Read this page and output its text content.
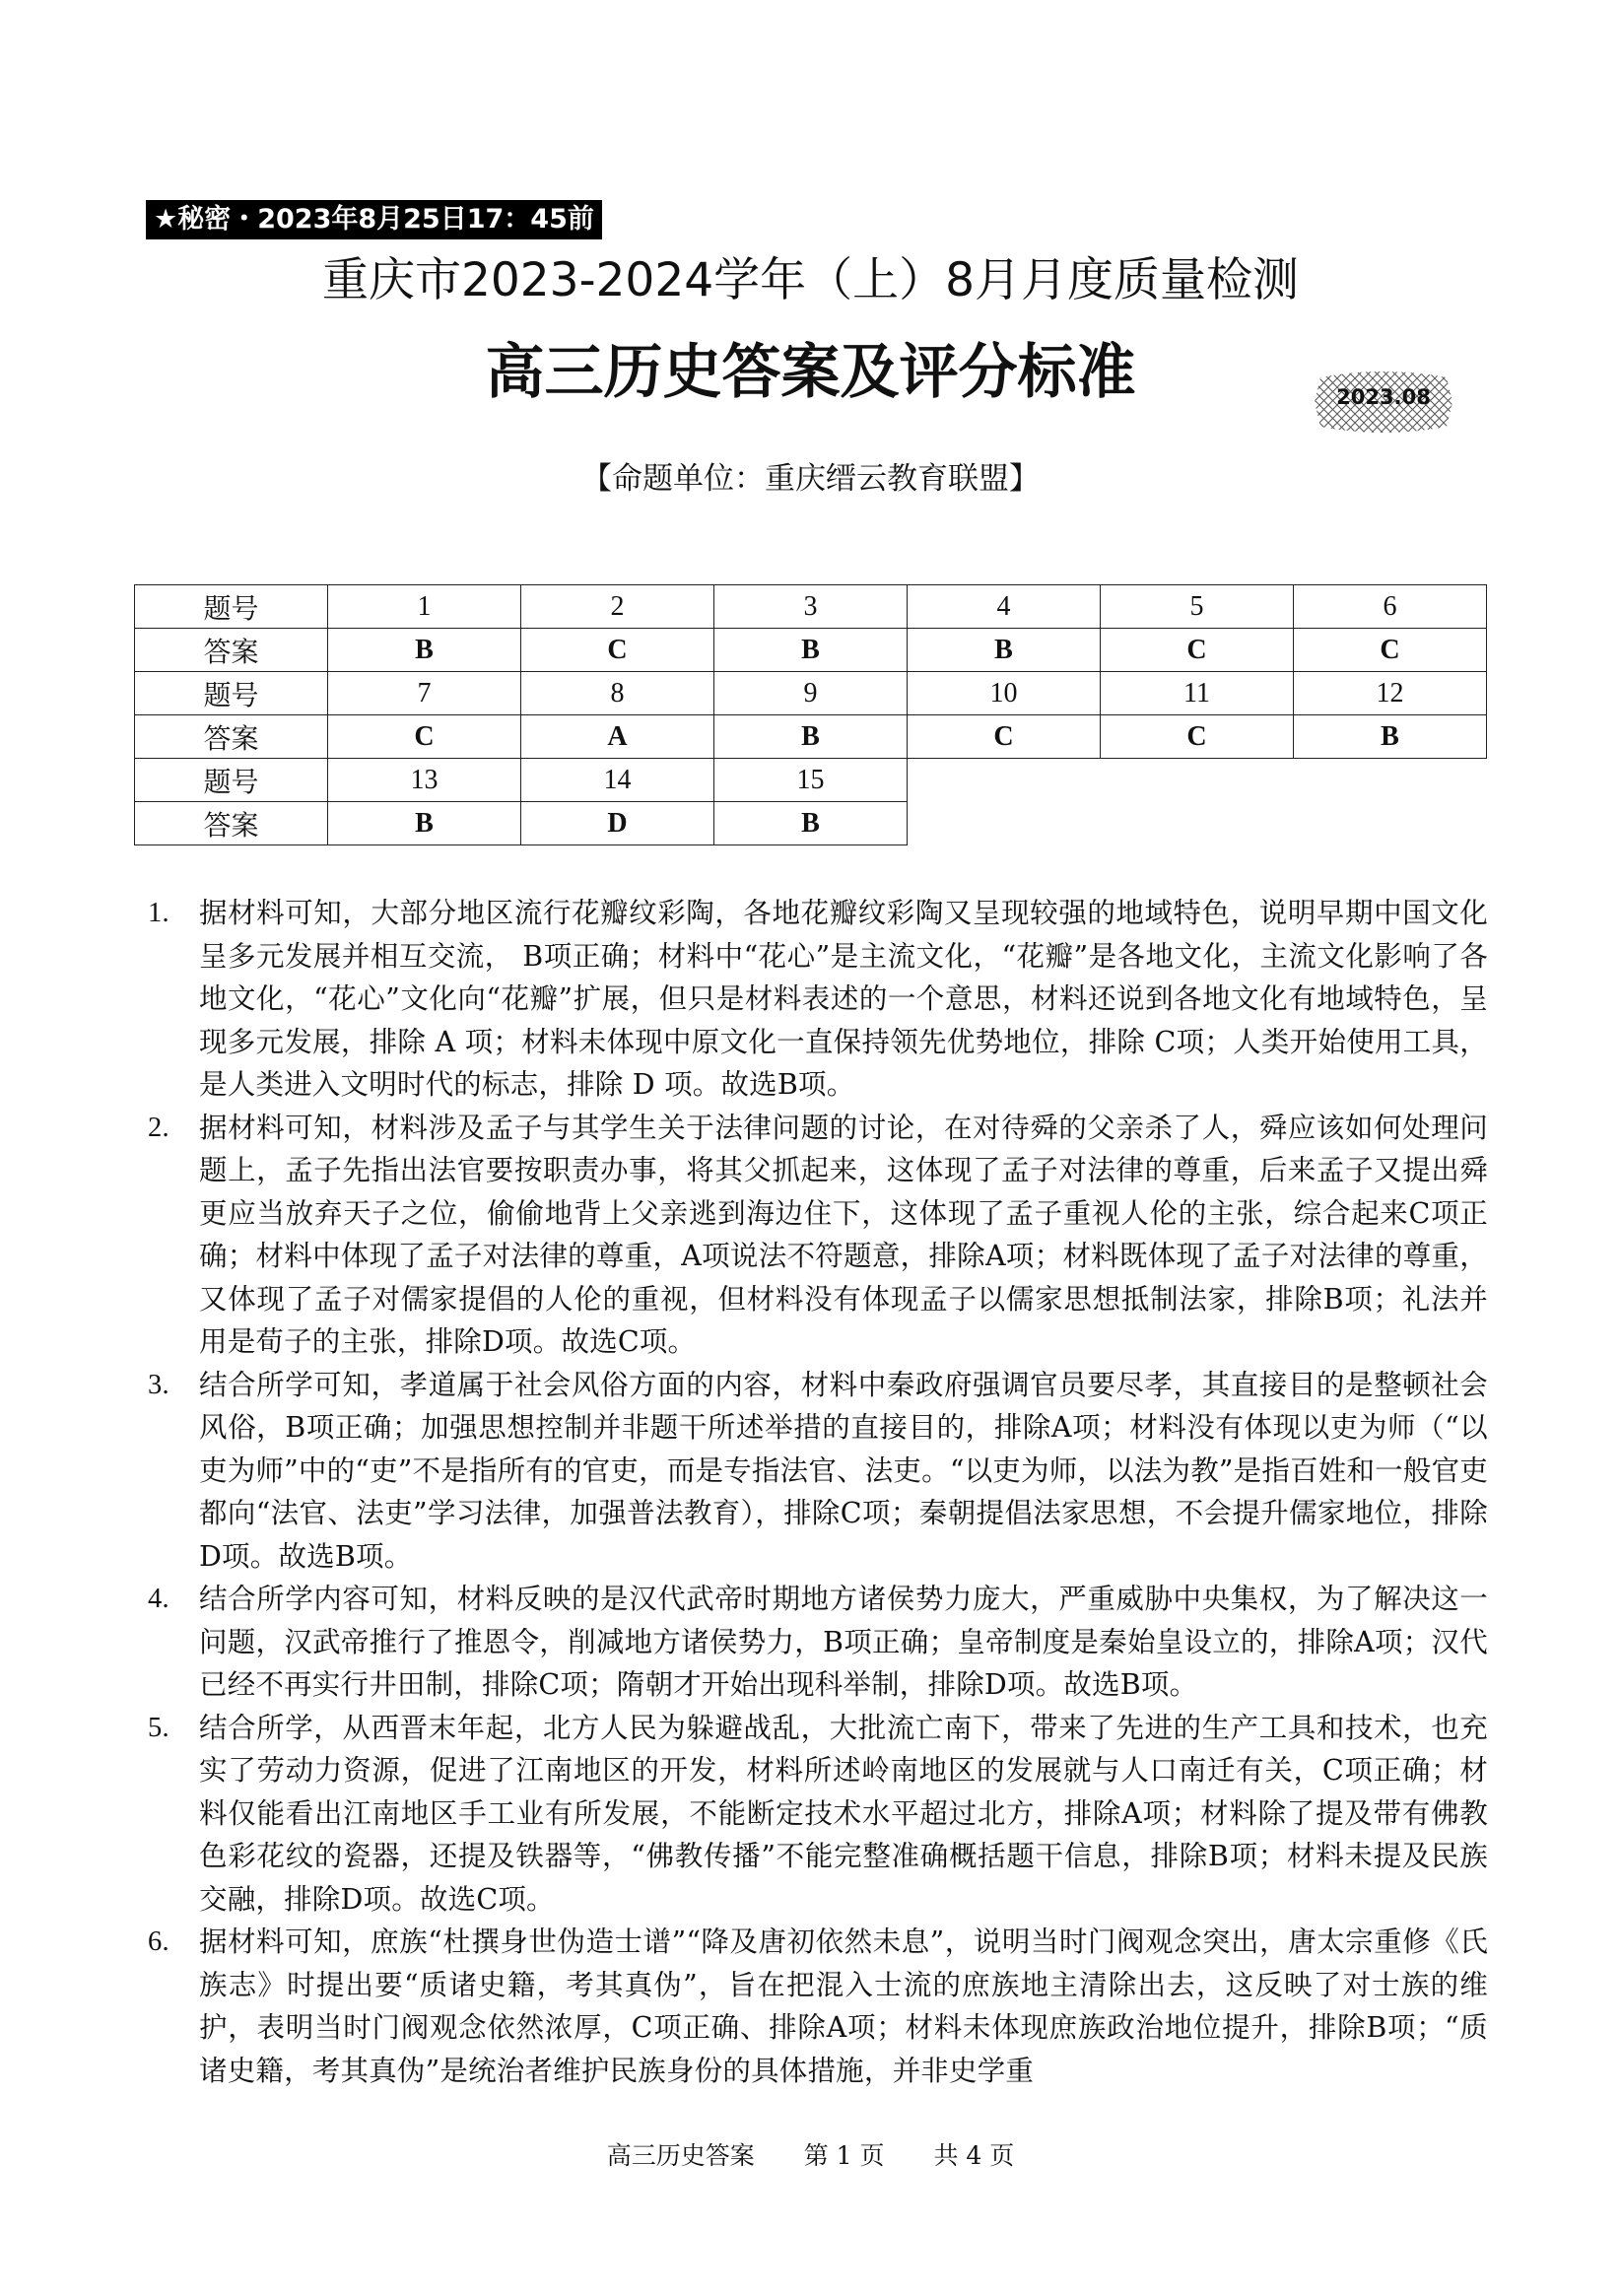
★秘密・2023年8月25日17：45前
重庆市2023-2024学年（上）8月月度质量检测
高三历史答案及评分标准	2023.08
【命题单位：重庆缙云教育联盟】
题号	1	2	3	4	5	6
答案	B	C	B	B	C	C
题号	7	8	9	10	11	12
答案	C	A	B	C	C	B
题号	13	14	15			
答案	B	D	B			
1. 据材料可知，大部分地区流行花瓣纹彩陶，各地花瓣纹彩陶又呈现较强的地域特色，说明早期中国文化呈多元发展并相互交流， B项正确；材料中“花心”是主流文化，“花瓣”是各地文化，主流文化影响了各地文化，“花心”文化向“花瓣”扩展，但只是材料表述的一个意思，材料还说到各地文化有地域特色，呈现多元发展，排除 A 项；材料未体现中原文化一直保持领先优势地位，排除 C项；人类开始使用工具，是人类进入文明时代的标志，排除 D 项。故选B项。
2. 据材料可知，材料涉及孟子与其学生关于法律问题的讨论，在对待舜的父亲杀了人，舜应该如何处理问题上，孟子先指出法官要按职责办事，将其父抓起来，这体现了孟子对法律的尊重，后来孟子又提出舜更应当放弃天子之位，偷偷地背上父亲逃到海边住下，这体现了孟子重视人伦的主张，综合起来C项正确；材料中体现了孟子对法律的尊重，A项说法不符题意，排除A项；材料既体现了孟子对法律的尊重，又体现了孟子对儒家提倡的人伦的重视，但材料没有体现孟子以儒家思想抵制法家，排除B项；礼法并用是荀子的主张，排除D项。故选C项。
3. 结合所学可知，孝道属于社会风俗方面的内容，材料中秦政府强调官员要尽孝，其直接目的是整顿社会风俗，B项正确；加强思想控制并非题干所述举措的直接目的，排除A项；材料没有体现以吏为师（“以吏为师”中的“吏”不是指所有的官吏，而是专指法官、法吏。“以吏为师，以法为教”是指百姓和一般官吏都向“法官、法吏”学习法律，加强普法教育），排除C项；秦朝提倡法家思想，不会提升儒家地位，排除D项。故选B项。
4. 结合所学内容可知，材料反映的是汉代武帝时期地方诸侯势力庞大，严重威胁中央集权，为了解决这一问题，汉武帝推行了推恩令，削减地方诸侯势力，B项正确；皇帝制度是秦始皇设立的，排除A项；汉代已经不再实行井田制，排除C项；隋朝才开始出现科举制，排除D项。故选B项。
5. 结合所学，从西晋末年起，北方人民为躲避战乱，大批流亡南下，带来了先进的生产工具和技术，也充实了劳动力资源，促进了江南地区的开发，材料所述岭南地区的发展就与人口南迁有关，C项正确；材料仅能看出江南地区手工业有所发展，不能断定技术水平超过北方，排除A项；材料除了提及带有佛教色彩花纹的瓷器，还提及铁器等，“佛教传播”不能完整准确概括题干信息，排除B项；材料未提及民族交融，排除D项。故选C项。
6. 据材料可知，庶族“杜撰身世伪造士谱”“降及唐初依然未息”，说明当时门阀观念突出，唐太宗重修《氏族志》时提出要“质诸史籍，考其真伪”，旨在把混入士流的庶族地主清除出去，这反映了对士族的维护，表明当时门阀观念依然浓厚，C项正确、排除A项；材料未体现庶族政治地位提升，排除B项；“质诸史籍，考其真伪”是统治者维护民族身份的具体措施，并非史学重
高三历史答案　　第 1 页　　共 4 页
